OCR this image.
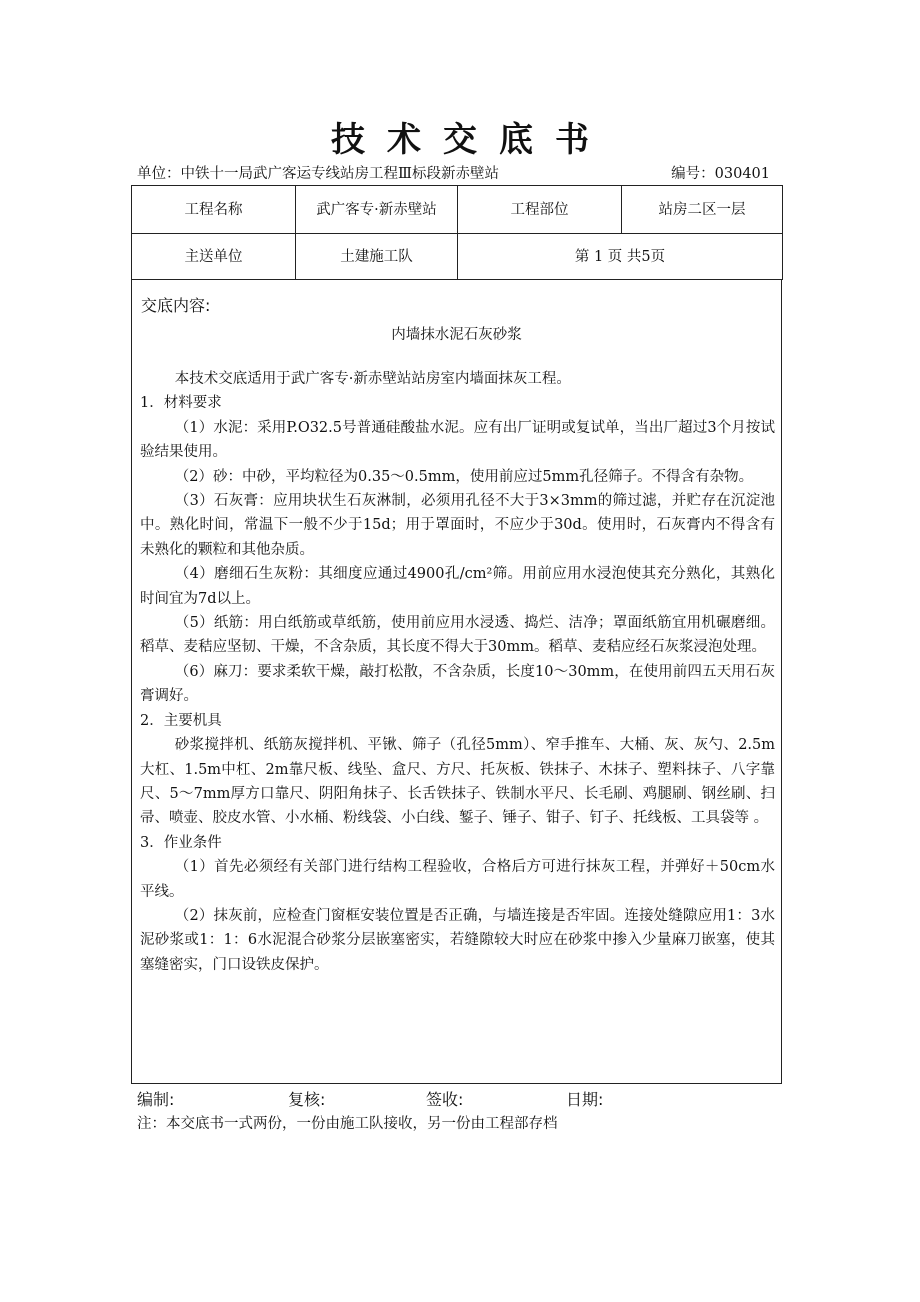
技术交底书
单位：中铁十一局武广客运专线站房工程Ⅲ标段新赤壁站	编号：030401
工程名称	武广客专·新赤壁站	工程部位	站房二区一层
主送单位	土建施工队	第 1 页 共5页	
交底内容:
内墙抹水泥石灰砂浆

本技术交底适用于武广客专·新赤壁站站房室内墙面抹灰工程。

1．材料要求

（1）水泥：采用P.O32.5号普通硅酸盐水泥。应有出厂证明或复试单，当出厂超过3个月按试验结果使用。

（2）砂：中砂，平均粒径为0.35～0.5mm，使用前应过5mm孔径筛子。不得含有杂物。

（3）石灰膏：应用块状生石灰淋制，必须用孔径不大于3×3mm的筛过滤，并贮存在沉淀池中。熟化时间，常温下一般不少于15d；用于罩面时，不应少于30d。使用时，石灰膏内不得含有未熟化的颗粒和其他杂质。

（4）磨细石生灰粉：其细度应通过4900孔/cm²筛。用前应用水浸泡使其充分熟化，其熟化时间宜为7d以上。

（5）纸筋：用白纸筋或草纸筋，使用前应用水浸透、捣烂、洁净；罩面纸筋宜用机碾磨细。稻草、麦秸应坚韧、干燥，不含杂质，其长度不得大于30mm。稻草、麦秸应经石灰浆浸泡处理。

（6）麻刀：要求柔软干燥，敲打松散，不含杂质，长度10～30mm，在使用前四五天用石灰膏调好。

2．主要机具

砂浆搅拌机、纸筋灰搅拌机、平锹、筛子（孔径5mm）、窄手推车、大桶、灰、灰勺、2.5m大杠、1.5m中杠、2m靠尺板、线坠、盒尺、方尺、托灰板、铁抹子、木抹子、塑料抹子、八字靠尺、5～7mm厚方口靠尺、阴阳角抹子、长舌铁抹子、铁制水平尺、长毛刷、鸡腿刷、钢丝刷、扫帚、喷壶、胶皮水管、小水桶、粉线袋、小白线、錾子、锤子、钳子、钉子、托线板、工具袋等 。

3．作业条件

（1）首先必须经有关部门进行结构工程验收，合格后方可进行抹灰工程，并弹好＋50cm水平线。

（2）抹灰前，应检查门窗框安装位置是否正确，与墙连接是否牢固。连接处缝隙应用1：3水泥砂浆或1：1：6水泥混合砂浆分层嵌塞密实，若缝隙较大时应在砂浆中掺入少量麻刀嵌塞，使其塞缝密实，门口设铁皮保护。

编制:	复核:	签收:	日期:
注：本交底书一式两份，一份由施工队接收，另一份由工程部存档
